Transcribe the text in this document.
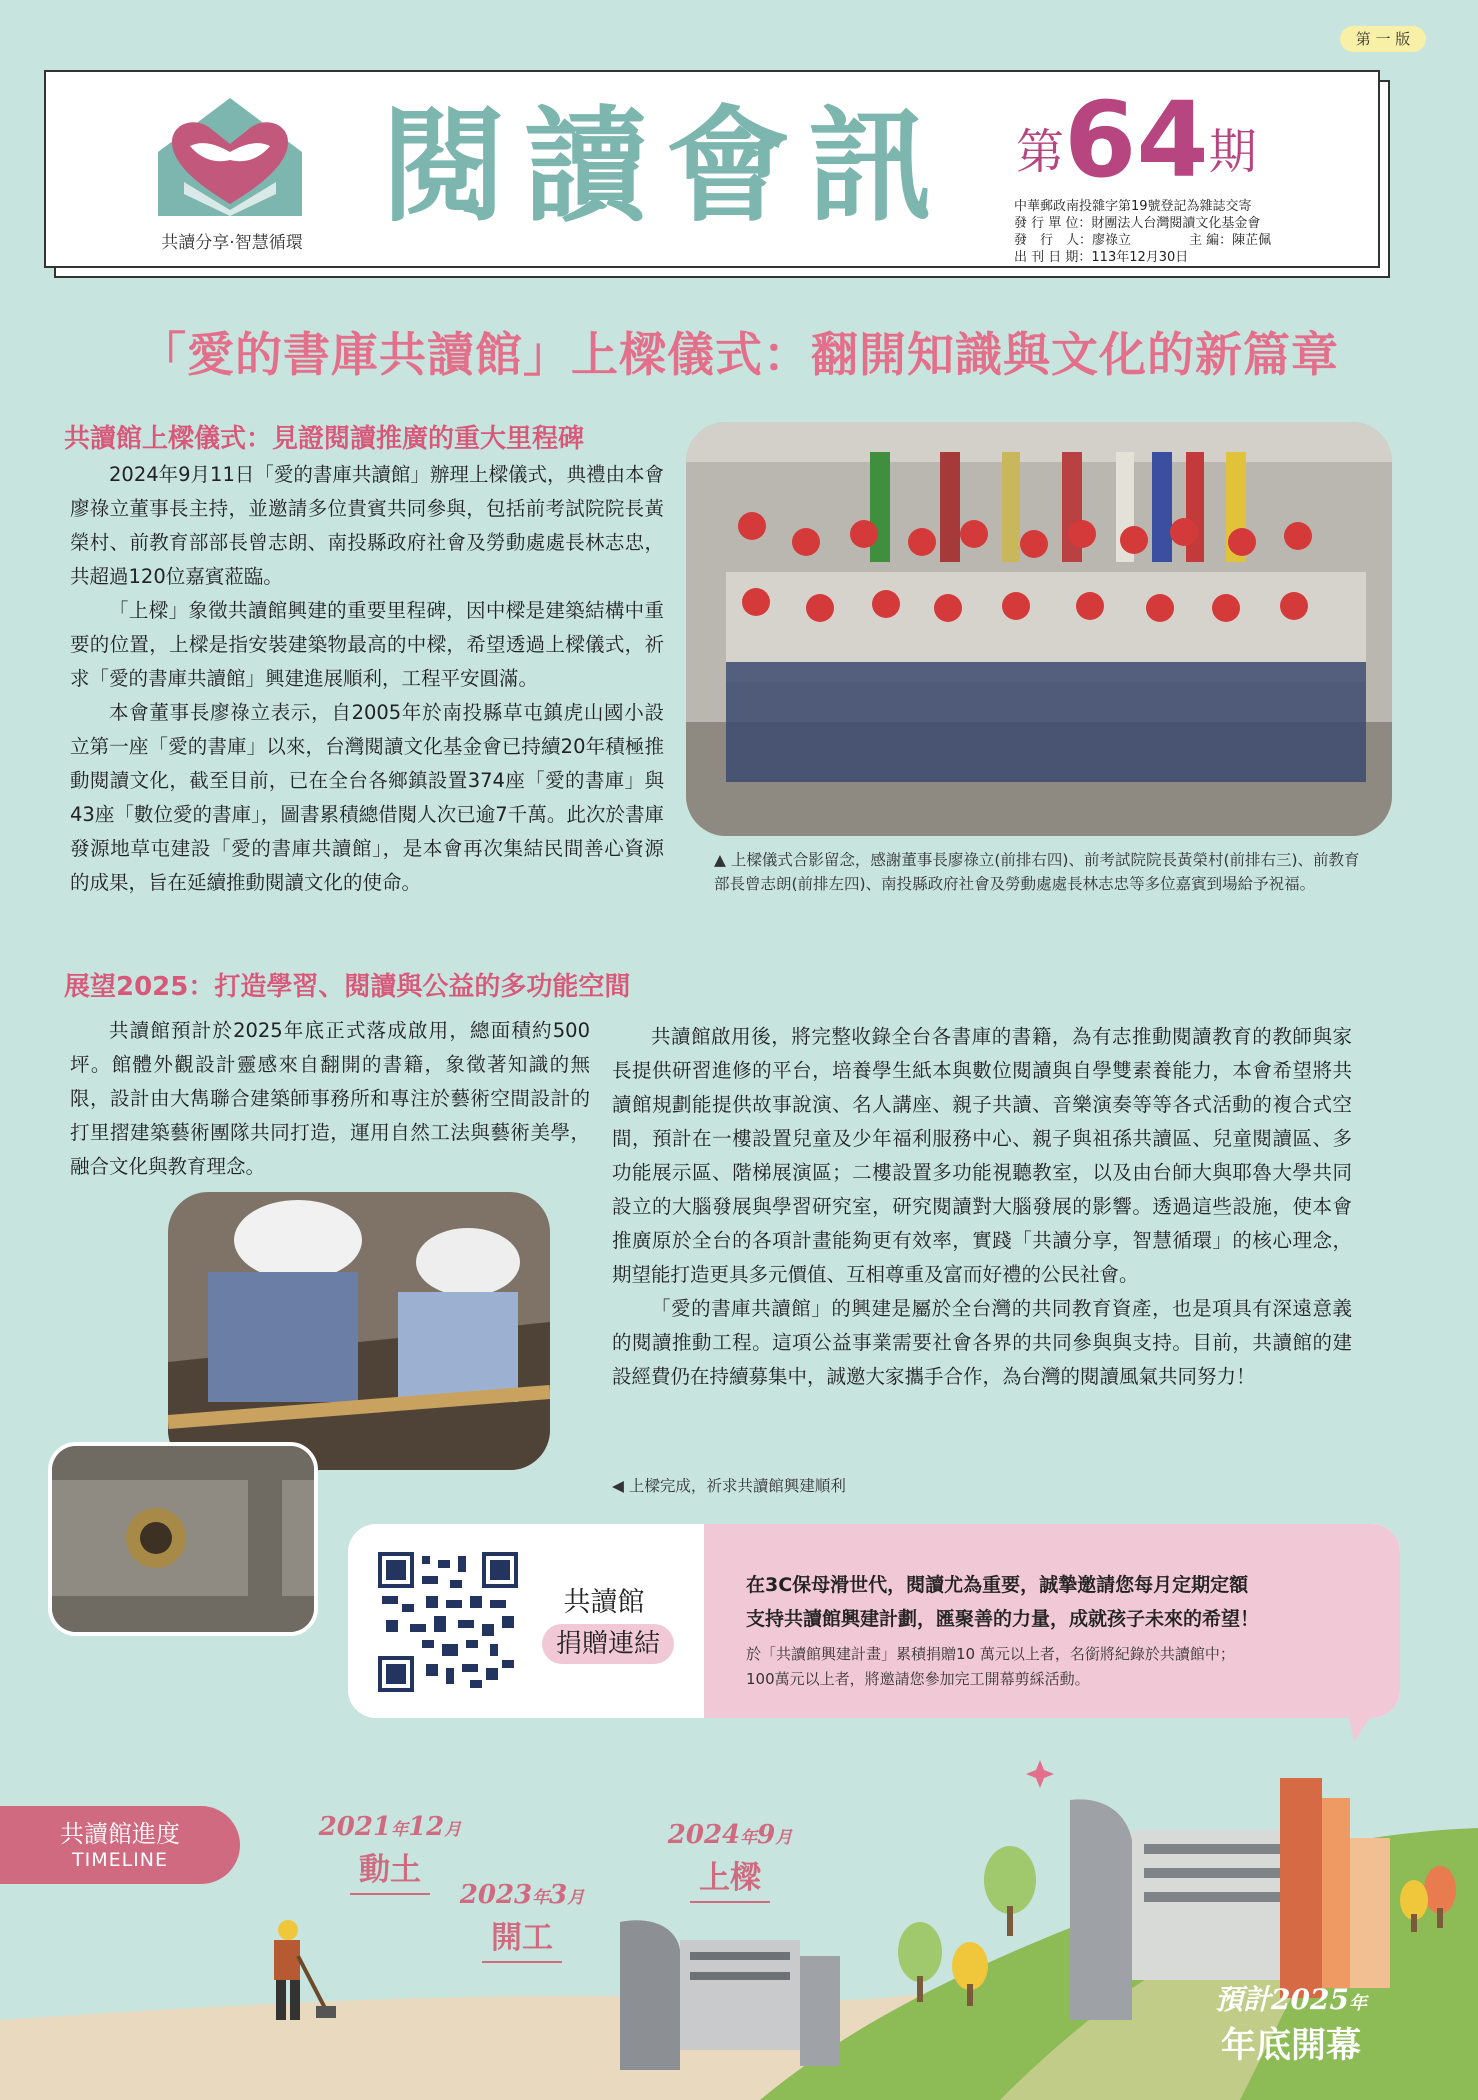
第 一 版
共讀分享‧智慧循環
閱讀會訊 第64期
中華郵政南投雜字第19號登記為雜誌交寄
發 行 單 位：財團法人台灣閱讀文化基金會
發　行　人：廖祿立	主 編：陳芷佩
出 刊 日 期：113年12月30日
「愛的書庫共讀館」上樑儀式：翻開知識與文化的新篇章
共讀館上樑儀式：見證閱讀推廣的重大里程碑

2024年9月11日「愛的書庫共讀館」辦理上樑儀式，典禮由本會廖祿立董事長主持，並邀請多位貴賓共同參與，包括前考試院院長黃榮村、前教育部部長曾志朗、南投縣政府社會及勞動處處長林志忠，共超過120位嘉賓蒞臨。

「上樑」象徵共讀館興建的重要里程碑，因中樑是建築結構中重要的位置，上樑是指安裝建築物最高的中樑，希望透過上樑儀式，祈求「愛的書庫共讀館」興建進展順利，工程平安圓滿。

本會董事長廖祿立表示，自2005年於南投縣草屯鎮虎山國小設立第一座「愛的書庫」以來，台灣閱讀文化基金會已持續20年積極推動閱讀文化，截至目前，已在全台各鄉鎮設置374座「愛的書庫」與43座「數位愛的書庫」，圖書累積總借閱人次已逾7千萬。此次於書庫發源地草屯建設「愛的書庫共讀館」，是本會再次集結民間善心資源的成果，旨在延續推動閱讀文化的使命。

▲ 上樑儀式合影留念，感謝董事長廖祿立(前排右四)、前考試院院長黃榮村(前排右三)、前教育部長曾志朗(前排左四)、南投縣政府社會及勞動處處長林志忠等多位嘉賓到場給予祝福。
展望2025：打造學習、閱讀與公益的多功能空間

共讀館預計於2025年底正式落成啟用，總面積約500坪。館體外觀設計靈感來自翻開的書籍，象徵著知識的無限，設計由大雋聯合建築師事務所和專注於藝術空間設計的打里摺建築藝術團隊共同打造，運用自然工法與藝術美學，融合文化與教育理念。

共讀館啟用後，將完整收錄全台各書庫的書籍，為有志推動閱讀教育的教師與家長提供研習進修的平台，培養學生紙本與數位閱讀與自學雙素養能力，本會希望將共讀館規劃能提供故事說演、名人講座、親子共讀、音樂演奏等等各式活動的複合式空間，預計在一樓設置兒童及少年福利服務中心、親子與祖孫共讀區、兒童閱讀區、多功能展示區、階梯展演區；二樓設置多功能視聽教室，以及由台師大與耶魯大學共同設立的大腦發展與學習研究室，研究閱讀對大腦發展的影響。透過這些設施，使本會推廣原於全台的各項計畫能夠更有效率，實踐「共讀分享，智慧循環」的核心理念，期望能打造更具多元價值、互相尊重及富而好禮的公民社會。

「愛的書庫共讀館」的興建是屬於全台灣的共同教育資產，也是項具有深遠意義的閱讀推動工程。這項公益事業需要社會各界的共同參與與支持。目前，共讀館的建設經費仍在持續募集中，誠邀大家攜手合作，為台灣的閱讀風氣共同努力！

◀ 上樑完成，祈求共讀館興建順利
共讀館
捐贈連結
在3C保母滑世代，閱讀尤為重要，誠摯邀請您每月定期定額
支持共讀館興建計劃，匯聚善的力量，成就孩子未來的希望！
於「共讀館興建計畫」累積捐贈10 萬元以上者，名銜將紀錄於共讀館中；
100萬元以上者，將邀請您參加完工開幕剪綵活動。
共讀館進度
TIMELINE
2021年12月
動土
2023年3月
開工
2024年9月
上樑
預計2025年
年底開幕
